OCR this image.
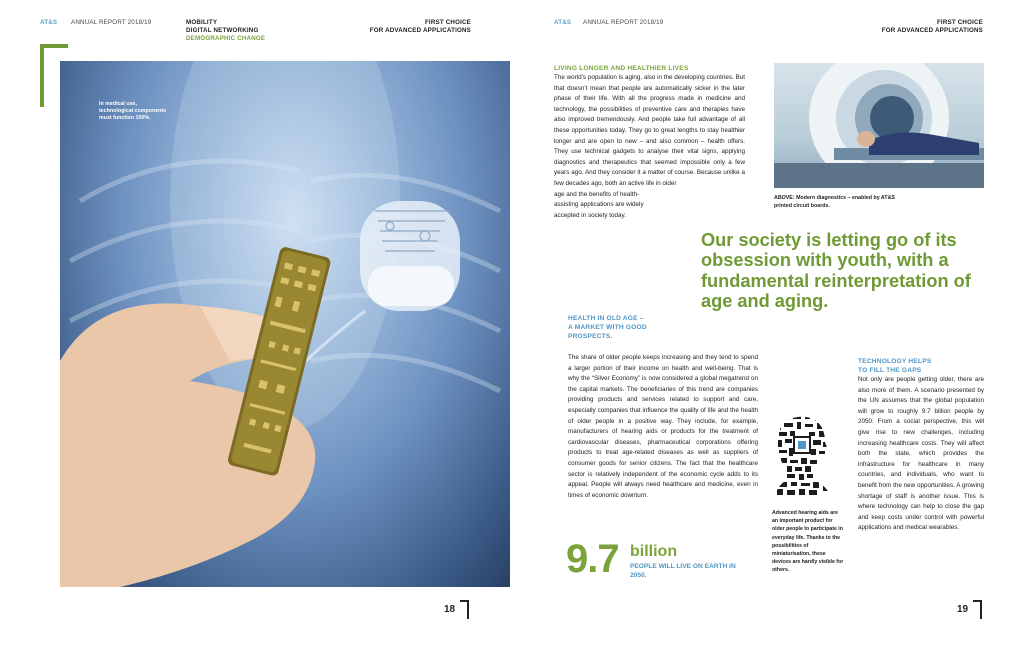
AT&S ANNUAL REPORT 2018/19	MOBILITY
DIGITAL NETWORKING
DEMOGRAPHIC CHANGE
FIRST CHOICE
FOR ADVANCED APPLICATIONS
In medical use, technological components must function 100%.
18
AT&S ANNUAL REPORT 2018/19	FIRST CHOICE
FOR ADVANCED APPLICATIONS
LIVING LONGER AND HEALTHIER LIVES

The world’s population is aging, also in the developing countries. But that doesn’t mean that people are automatically sicker in the later phase of their life. With all the progress made in medicine and technology, the possibilities of preventive care and therapies have also improved tremendously. And people take full advantage of all these opportunities today. They go to great lengths to stay healthier longer and are open to new – and also common – health offers. They use technical gadgets to analyse their vital signs, applying diagnostics and therapeutics that seemed impossible only a few years ago. And they consider it a matter of course. Because unlike a few decades ago, both an active life in older

age and the benefits of health-

assisting applications are widely

accepted in society today.

ABOVE: Modern diagnostics – enabled by AT&S printed circuit boards.
Our society is letting go of its obsession with youth, with a fundamental reinterpretation of age and aging.
HEALTH IN OLD AGE –
A MARKET WITH GOOD
PROSPECTS.

The share of older people keeps increasing and they tend to spend a larger portion of their income on health and well-being. That is why the “Silver Economy” is now considered a global megatrend on the capital markets. The beneficiaries of this trend are companies providing products and services related to support and care, especially companies that influence the quality of life and the health of older people in a positive way. They include, for example, manufacturers of hearing aids or products for the treatment of cardiovascular diseases, pharmaceutical corporations offering products to treat age-related diseases as well as suppliers of consumer goods for senior citizens. The fact that the healthcare sector is relatively independent of the economic cycle adds to its appeal. People will always need healthcare and medicine, even in times of economic downturn.

TECHNOLOGY HELPS
TO FILL THE GAPS

Not only are people getting older, there are also more of them. A scenario presented by the UN assumes that the global population will grow to roughly 9.7 billion people by 2050. From a social perspective, this will give rise to new challenges, including increasing healthcare costs. They will affect both the state, which provides the infrastructure for healthcare in many countries, and individuals, who want to benefit from the new opportunities. A growing shortage of staff is another issue. This is where technology can help to close the gap and keep costs under control with powerful applications and medical wearables.

Advanced hearing aids are an important product for older people to participate in everyday life. Thanks to the possibilities of miniaturisation, these devices are hardly visible for others.
9.7 billion
PEOPLE WILL LIVE ON EARTH IN 2050.
19
